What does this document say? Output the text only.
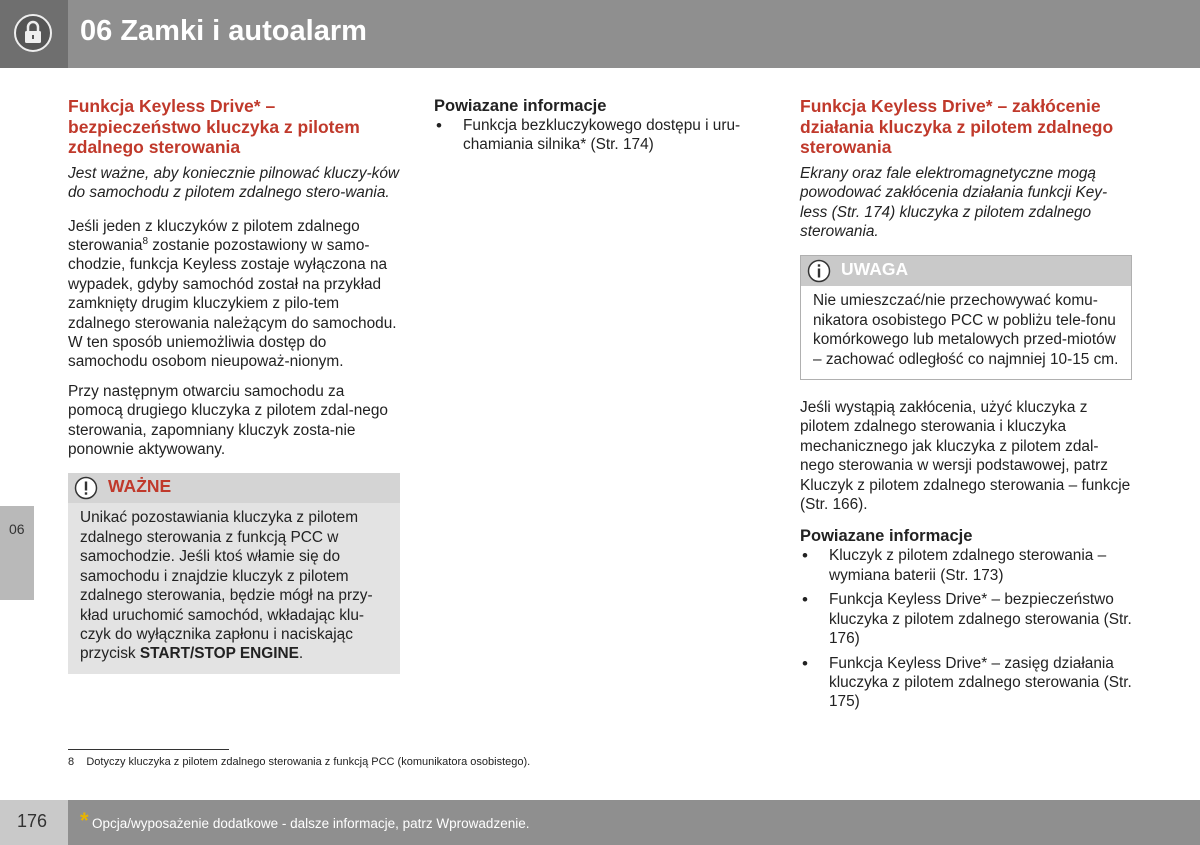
06 Zamki i autoalarm
06
Funkcja Keyless Drive* – bezpieczeństwo kluczyka z pilotem zdalnego sterowania

Jest ważne, aby koniecznie pilnować kluczy-ków do samochodu z pilotem zdalnego stero-wania.

Jeśli jeden z kluczyków z pilotem zdalnego sterowania$^8$ zostanie pozostawiony w samo-chodzie, funkcja Keyless zostaje wyłączona na wypadek, gdyby samochód został na przykład zamknięty drugim kluczykiem z pilo-tem zdalnego sterowania należącym do samochodu. W ten sposób uniemożliwia dostęp do samochodu osobom nieupoważ-nionym.

Przy następnym otwarciu samochodu za pomocą drugiego kluczyka z pilotem zdal-nego sterowania, zapomniany kluczyk zosta-nie ponownie aktywowany.

WAŻNE
Unikać pozostawiania kluczyka z pilotem zdalnego sterowania z funkcją PCC w samochodzie. Jeśli ktoś włamie się do samochodu i znajdzie kluczyk z pilotem zdalnego sterowania, będzie mógł na przy-kład uruchomić samochód, wkładając klu-czyk do wyłącznika zapłonu i naciskając przycisk START/STOP ENGINE.
Powiazane informacje
• Funkcja bezkluczykowego dostępu i uru-chamiania silnika* (Str. 174)
Funkcja Keyless Drive* – zakłócenie działania kluczyka z pilotem zdalnego sterowania

Ekrany oraz fale elektromagnetyczne mogą powodować zakłócenia działania funkcji Key-less (Str. 174) kluczyka z pilotem zdalnego sterowania.

UWAGA
Nie umieszczać/nie przechowywać komu-nikatora osobistego PCC w pobliżu tele-fonu komórkowego lub metalowych przed-miotów – zachować odległość co najmniej 10-15 cm.

Jeśli wystąpią zakłócenia, użyć kluczyka z pilotem zdalnego sterowania i kluczyka mechanicznego jak kluczyka z pilotem zdal-nego sterowania w wersji podstawowej, patrz Kluczyk z pilotem zdalnego sterowania – funkcje (Str. 166).

Powiazane informacje
• Kluczyk z pilotem zdalnego sterowania – wymiana baterii (Str. 173)
• Funkcja Keyless Drive* – bezpieczeństwo kluczyka z pilotem zdalnego sterowania (Str. 176)
• Funkcja Keyless Drive* – zasięg działania kluczyka z pilotem zdalnego sterowania (Str. 175)
8 Dotyczy kluczyka z pilotem zdalnego sterowania z funkcją PCC (komunikatora osobistego).
176 * Opcja/wyposażenie dodatkowe - dalsze informacje, patrz Wprowadzenie.
